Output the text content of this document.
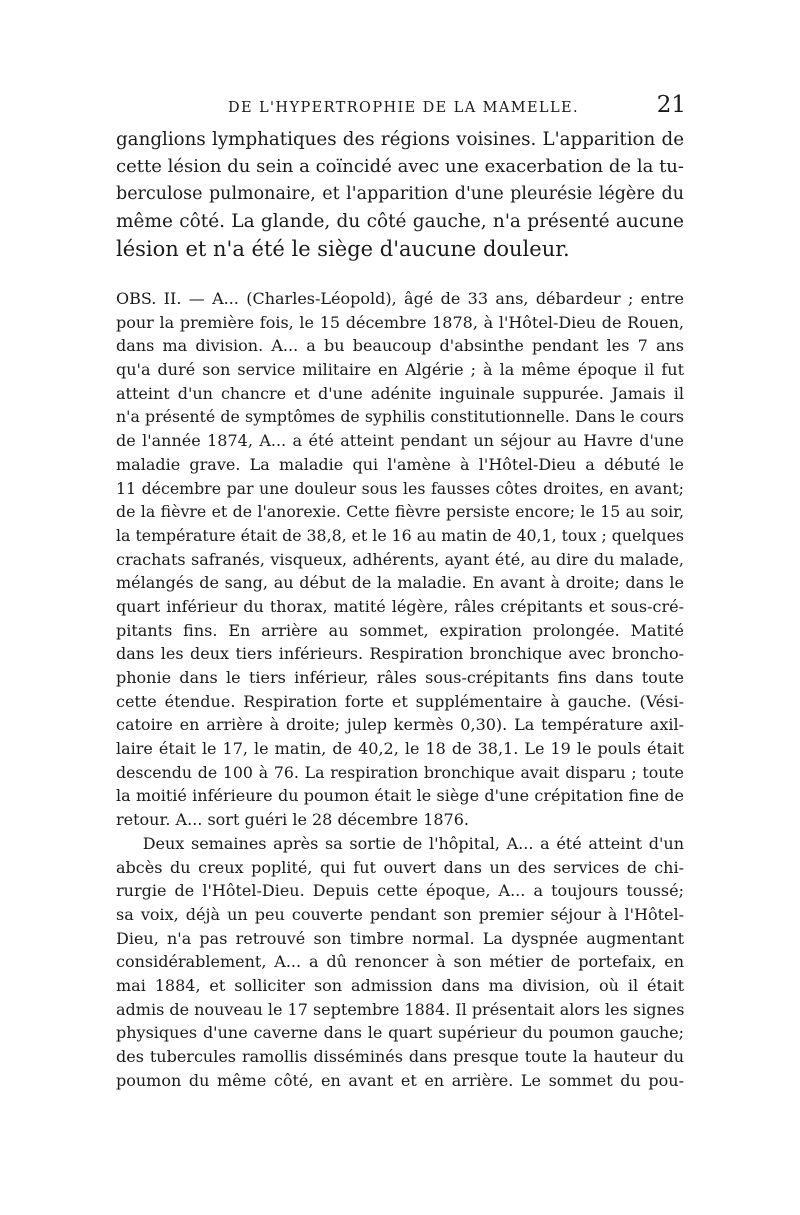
DE L'HYPERTROPHIE DE LA MAMELLE.	21
ganglions lymphatiques des régions voisines. L'apparition de
cette lésion du sein a coïncidé avec une exacerbation de la tu-
berculose pulmonaire, et l'apparition d'une pleurésie légère du
même côté. La glande, du côté gauche, n'a présenté aucune
lésion et n'a été le siège d'aucune douleur.
OBS. II. — A... (Charles-Léopold), âgé de 33 ans, débardeur ; entre
pour la première fois, le 15 décembre 1878, à l'Hôtel-Dieu de Rouen,
dans ma division. A... a bu beaucoup d'absinthe pendant les 7 ans
qu'a duré son service militaire en Algérie ; à la même époque il fut
atteint d'un chancre et d'une adénite inguinale suppurée. Jamais il
n'a présenté de symptômes de syphilis constitutionnelle. Dans le cours
de l'année 1874, A... a été atteint pendant un séjour au Havre d'une
maladie grave. La maladie qui l'amène à l'Hôtel-Dieu a débuté le
11 décembre par une douleur sous les fausses côtes droites, en avant;
de la fièvre et de l'anorexie. Cette fièvre persiste encore; le 15 au soir,
la température était de 38,8, et le 16 au matin de 40,1, toux ; quelques
crachats safranés, visqueux, adhérents, ayant été, au dire du malade,
mélangés de sang, au début de la maladie. En avant à droite; dans le
quart inférieur du thorax, matité légère, râles crépitants et sous-cré-
pitants fins. En arrière au sommet, expiration prolongée. Matité
dans les deux tiers inférieurs. Respiration bronchique avec broncho-
phonie dans le tiers inférieur, râles sous-crépitants fins dans toute
cette étendue. Respiration forte et supplémentaire à gauche. (Vési-
catoire en arrière à droite; julep kermès 0,30). La température axil-
laire était le 17, le matin, de 40,2, le 18 de 38,1. Le 19 le pouls était
descendu de 100 à 76. La respiration bronchique avait disparu ; toute
la moitié inférieure du poumon était le siège d'une crépitation fine de
retour. A... sort guéri le 28 décembre 1876.
Deux semaines après sa sortie de l'hôpital, A... a été atteint d'un
abcès du creux poplité, qui fut ouvert dans un des services de chi-
rurgie de l'Hôtel-Dieu. Depuis cette époque, A... a toujours toussé;
sa voix, déjà un peu couverte pendant son premier séjour à l'Hôtel-
Dieu, n'a pas retrouvé son timbre normal. La dyspnée augmentant
considérablement, A... a dû renoncer à son métier de portefaix, en
mai 1884, et solliciter son admission dans ma division, où il était
admis de nouveau le 17 septembre 1884. Il présentait alors les signes
physiques d'une caverne dans le quart supérieur du poumon gauche;
des tubercules ramollis disséminés dans presque toute la hauteur du
poumon du même côté, en avant et en arrière. Le sommet du pou-
